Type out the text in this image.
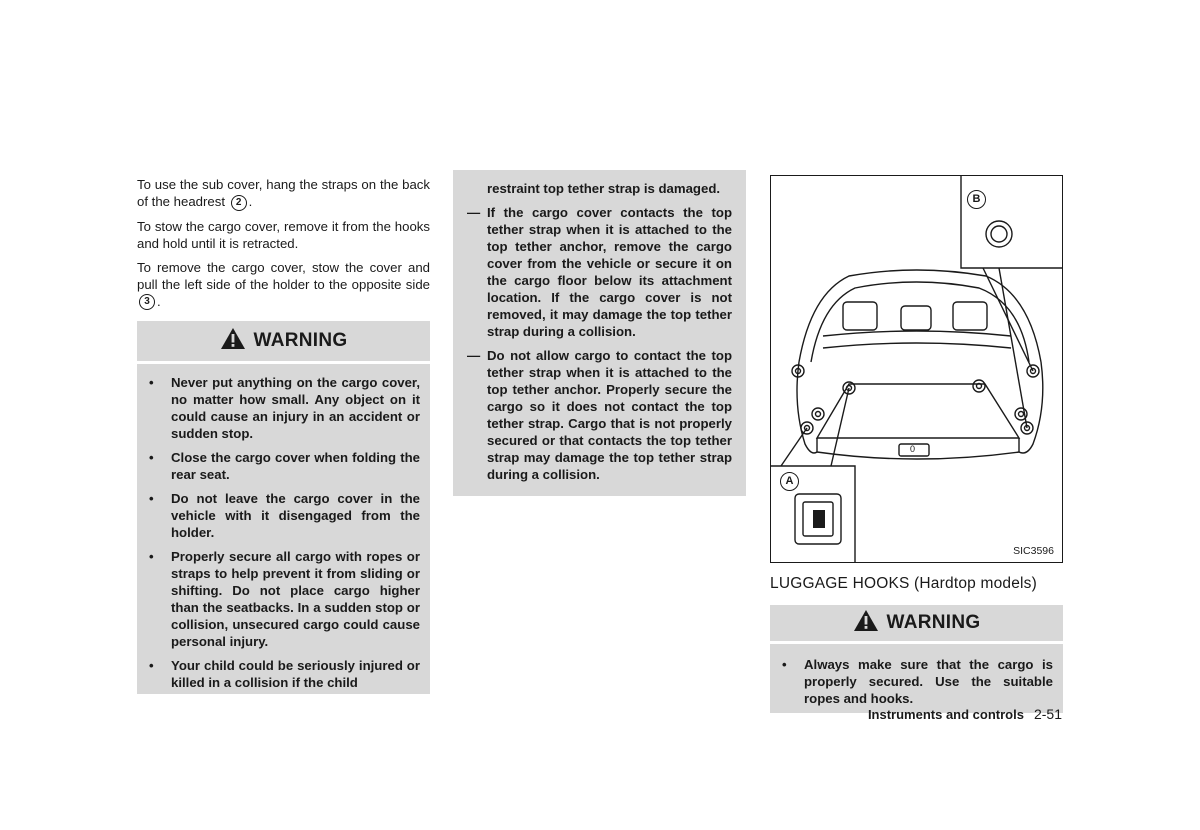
To use the sub cover, hang the straps on the back of the headrest 2 .

To stow the cargo cover, remove it from the hooks and hold until it is retracted.

To remove the cargo cover, stow the cover and pull the left side of the holder to the opposite side 3 .

WARNING
• Never put anything on the cargo cover, no matter how small. Any object on it could cause an injury in an accident or sudden stop.
• Close the cargo cover when folding the rear seat.
• Do not leave the cargo cover in the vehicle with it disengaged from the holder.
• Properly secure all cargo with ropes or straps to help prevent it from sliding or shifting. Do not place cargo higher than the seatbacks. In a sudden stop or collision, unsecured cargo could cause personal injury.
• Your child could be seriously injured or killed in a collision if the child

restraint top tether strap is damaged.

— If the cargo cover contacts the top tether strap when it is attached to the top tether anchor, remove the cargo cover from the vehicle or secure it on the cargo floor below its attachment location. If the cargo cover is not removed, it may damage the top tether strap during a collision.
— Do not allow cargo to contact the top tether strap when it is attached to the top tether anchor. Properly secure the cargo so it does not contact the top tether strap. Cargo that is not properly secured or that contacts the top tether strap may damage the top tether strap during a collision.
B
A
0
SIC3596
LUGGAGE HOOKS (Hardtop models)
WARNING
• Always make sure that the cargo is properly secured. Use the suitable ropes and hooks.
Instruments and controls 2-51
